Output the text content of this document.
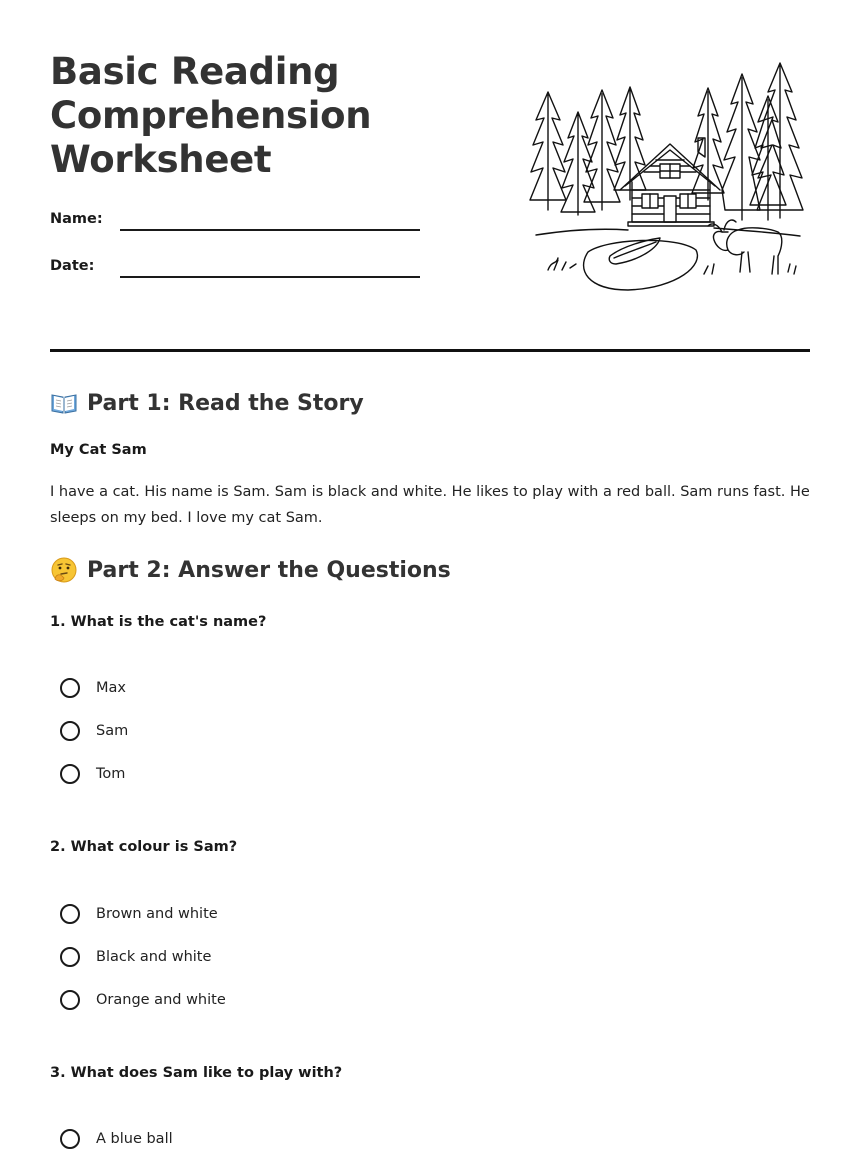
Basic Reading Comprehension Worksheet
Name:
Date:
Part 1: Read the Story

My Cat Sam

I have a cat. His name is Sam. Sam is black and white. He likes to play with a red ball. Sam runs fast. He sleeps on my bed. I love my cat Sam.

Part 2: Answer the Questions

1. What is the cat's name?

Max
Sam
Tom

2. What colour is Sam?

Brown and white
Black and white
Orange and white

3. What does Sam like to play with?

A blue ball
